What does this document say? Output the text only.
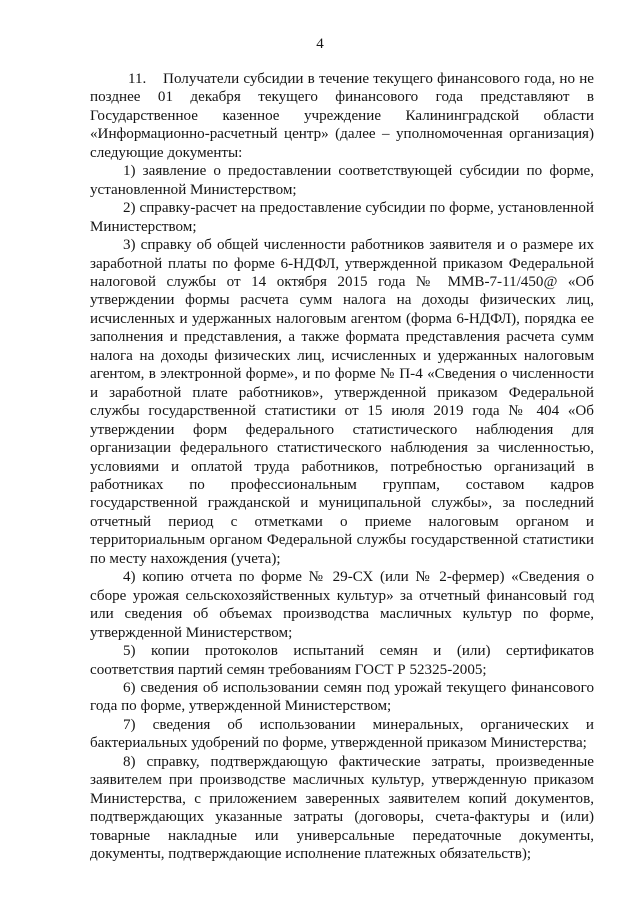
4

11.    Получатели субсидии в течение текущего финансового года, но не позднее 01 декабря текущего финансового года представляют в Государственное казенное учреждение Калининградской области «Информационно-расчетный центр» (далее – уполномоченная организация) следующие документы:

1) заявление о предоставлении соответствующей субсидии по форме, установленной Министерством;

2) справку-расчет на предоставление субсидии по форме, установленной Министерством;

3) справку об общей численности работников заявителя и о размере их заработной платы по форме 6-НДФЛ, утвержденной приказом Федеральной налоговой службы от 14 октября 2015 года № ММВ-7-11/450@ «Об утверждении формы расчета сумм налога на доходы физических лиц, исчисленных и удержанных налоговым агентом (форма 6-НДФЛ), порядка ее заполнения и представления, а также формата представления расчета сумм налога на доходы физических лиц, исчисленных и удержанных налоговым агентом, в электронной форме», и по форме № П-4 «Сведения о численности и заработной плате работников», утвержденной приказом Федеральной службы государственной статистики от 15 июля 2019 года № 404 «Об утверждении форм федерального статистического наблюдения для организации федерального статистического наблюдения за численностью, условиями и оплатой труда работников, потребностью организаций в работниках по профессиональным группам, составом кадров государственной гражданской и муниципальной службы», за последний отчетный период с отметками о приеме налоговым органом и территориальным органом Федеральной службы государственной статистики по месту нахождения (учета);

4) копию отчета по форме № 29-СХ (или № 2-фермер) «Сведения о сборе урожая сельскохозяйственных культур» за отчетный финансовый год или сведения об объемах производства масличных культур по форме, утвержденной Министерством;

5) копии протоколов испытаний семян и (или) сертификатов соответствия партий семян требованиям ГОСТ Р 52325-2005;

6) сведения об использовании семян под урожай текущего финансового года по форме, утвержденной Министерством;

7) сведения об использовании минеральных, органических и бактериальных удобрений по форме, утвержденной приказом Министерства;

8) справку, подтверждающую фактические затраты, произведенные заявителем при производстве масличных культур, утвержденную приказом Министерства, с приложением заверенных заявителем копий документов, подтверждающих указанные затраты (договоры, счета-фактуры и (или) товарные накладные или универсальные передаточные документы, документы, подтверждающие исполнение платежных обязательств);
